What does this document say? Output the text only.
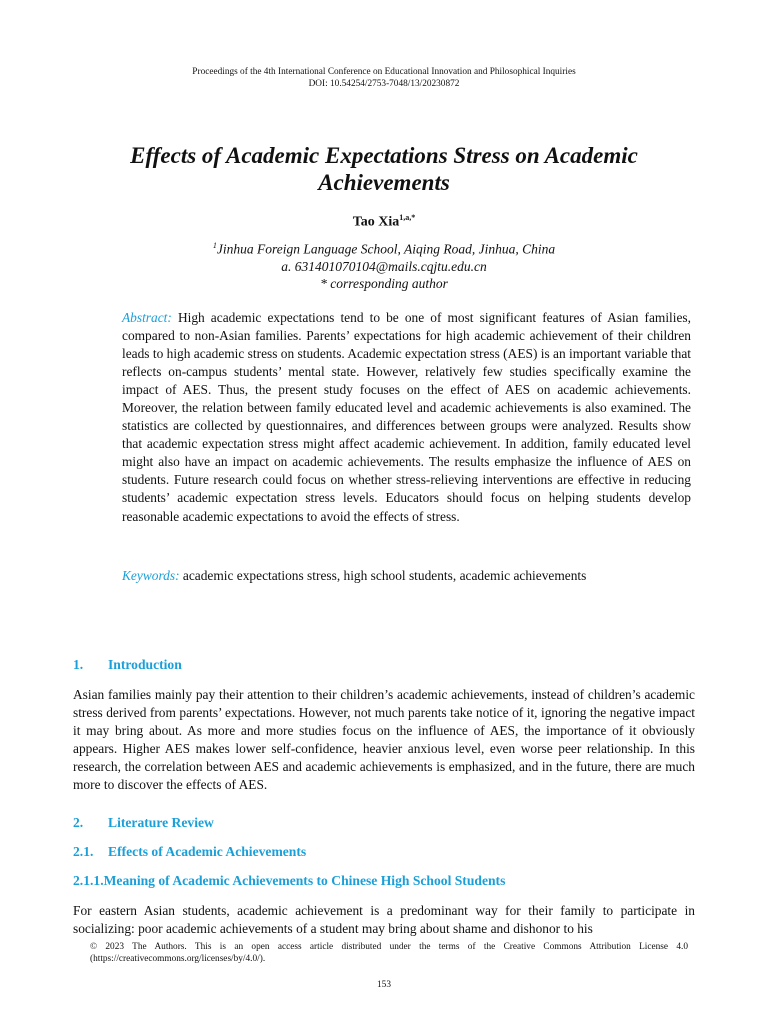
Proceedings of the 4th International Conference on Educational Innovation and Philosophical Inquiries
DOI: 10.54254/2753-7048/13/20230872
Effects of Academic Expectations Stress on Academic
Achievements
Tao Xia$^{1,a,*}$
$^1$Jinhua Foreign Language School, Aiqing Road, Jinhua, China
a. 631401070104@mails.cqjtu.edu.cn
* corresponding author
Abstract: High academic expectations tend to be one of most significant features of Asian families, compared to non-Asian families. Parents’ expectations for high academic achievement of their children leads to high academic stress on students. Academic expectation stress (AES) is an important variable that reflects on-campus students’ mental state. However, relatively few studies specifically examine the impact of AES. Thus, the present study focuses on the effect of AES on academic achievements. Moreover, the relation between family educated level and academic achievements is also examined. The statistics are collected by questionnaires, and differences between groups were analyzed. Results show that academic expectation stress might affect academic achievement. In addition, family educated level might also have an impact on academic achievements. The results emphasize the influence of AES on students. Future research could focus on whether stress-relieving interventions are effective in reducing students’ academic expectation stress levels. Educators should focus on helping students develop reasonable academic expectations to avoid the effects of stress.
Keywords: academic expectations stress, high school students, academic achievements
1. Introduction
Asian families mainly pay their attention to their children’s academic achievements, instead of children’s academic stress derived from parents’ expectations. However, not much parents take notice of it, ignoring the negative impact it may bring about. As more and more studies focus on the influence of AES, the importance of it obviously appears. Higher AES makes lower self-confidence, heavier anxious level, even worse peer relationship. In this research, the correlation between AES and academic achievements is emphasized, and in the future, there are much more to discover the effects of AES.
2. Literature Review
2.1. Effects of Academic Achievements
2.1.1.Meaning of Academic Achievements to Chinese High School Students
For eastern Asian students, academic achievement is a predominant way for their family to participate in socializing: poor academic achievements of a student may bring about shame and dishonor to his
© 2023 The Authors. This is an open access article distributed under the terms of the Creative Commons Attribution License 4.0 (https://creativecommons.org/licenses/by/4.0/).
153
